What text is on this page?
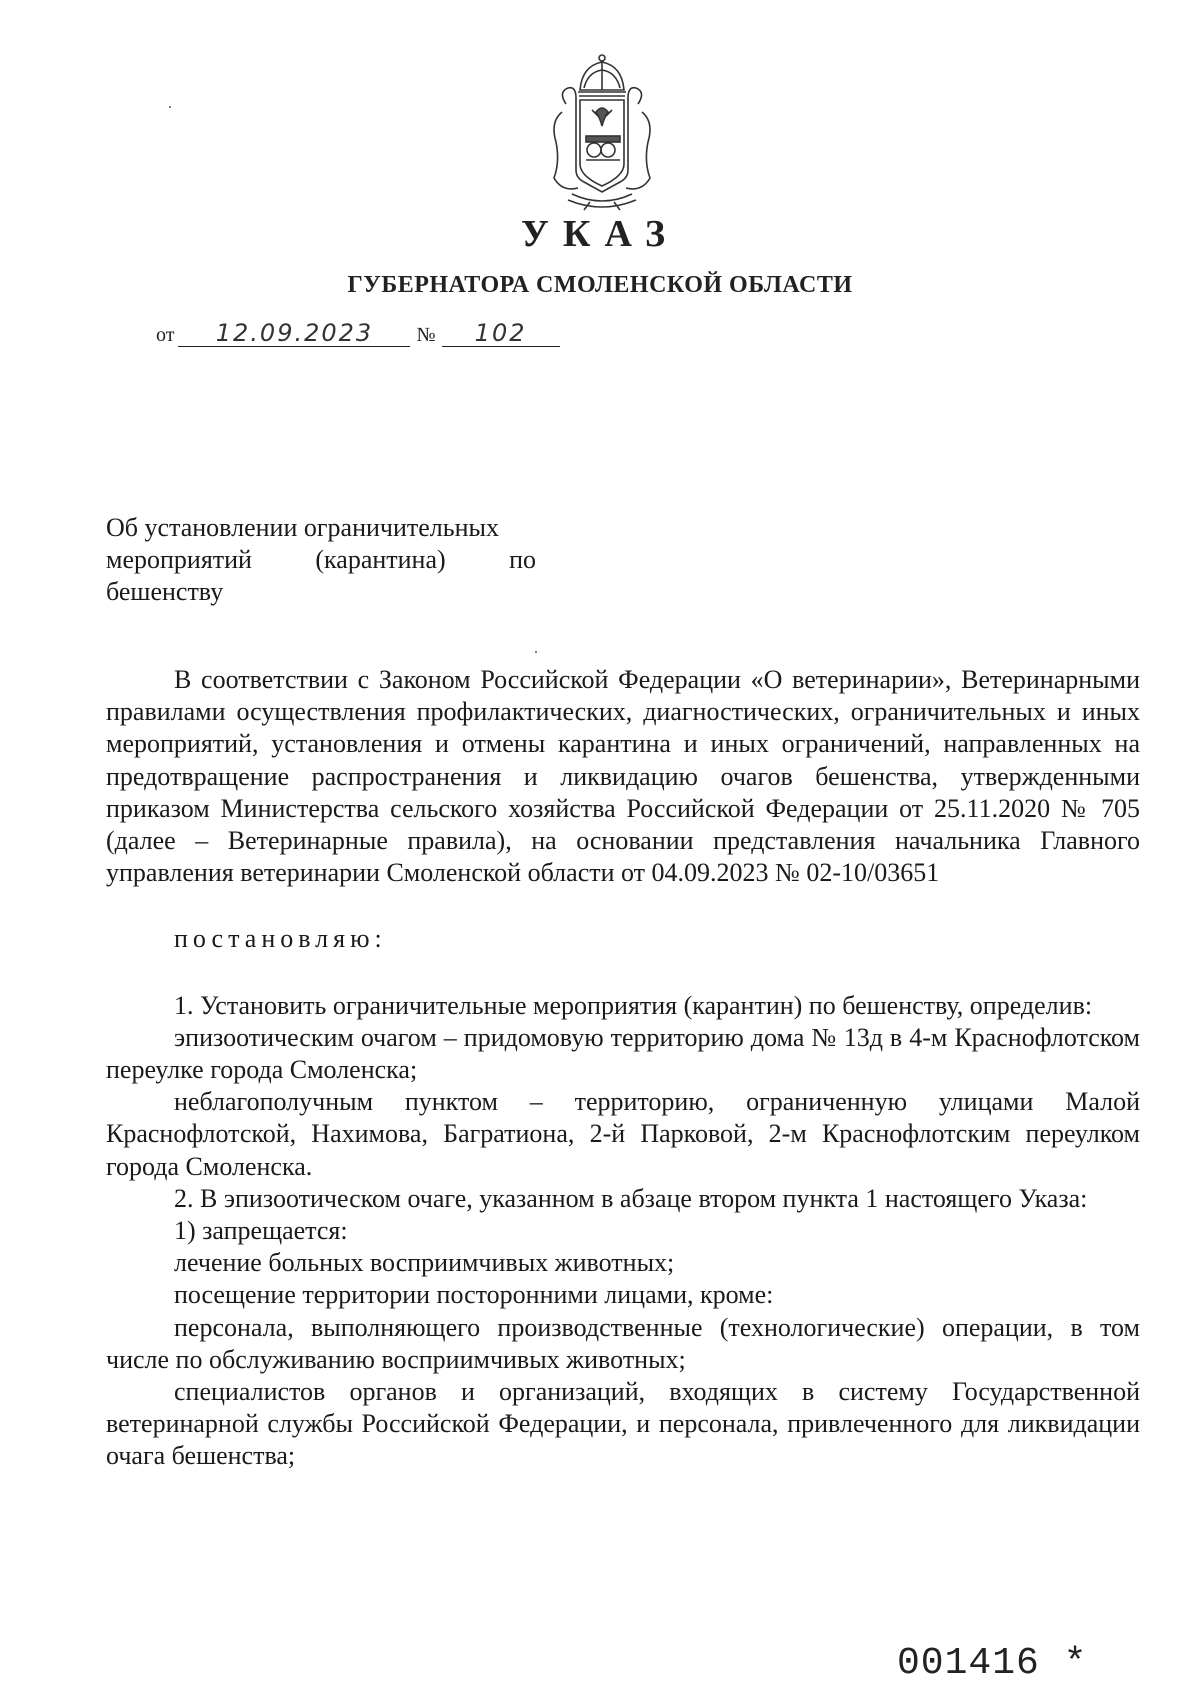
УКАЗ
ГУБЕРНАТОРА СМОЛЕНСКОЙ ОБЛАСТИ
от 12.09.2023 № 102
Об установлении ограничительных
мероприятий (карантина) по
бешенству

В соответствии с Законом Российской Федерации «О ветеринарии», Ветеринарными правилами осуществления профилактических, диагностических, ограничительных и иных мероприятий, установления и отмены карантина и иных ограничений, направленных на предотвращение распространения и ликвидацию очагов бешенства, утвержденными приказом Министерства сельского хозяйства Российской Федерации от 25.11.2020 № 705 (далее – Ветеринарные правила), на основании представления начальника Главного управления ветеринарии Смоленской области от 04.09.2023 № 02-10/03651

постановляю:

1. Установить ограничительные мероприятия (карантин) по бешенству, определив:

эпизоотическим очагом – придомовую территорию дома № 13д в 4-м Краснофлотском переулке города Смоленска;

неблагополучным пунктом – территорию, ограниченную улицами Малой Краснофлотской, Нахимова, Багратиона, 2-й Парковой, 2-м Краснофлотским переулком города Смоленска.

2. В эпизоотическом очаге, указанном в абзаце втором пункта 1 настоящего Указа:

1) запрещается:

лечение больных восприимчивых животных;

посещение территории посторонними лицами, кроме:

персонала, выполняющего производственные (технологические) операции, в том числе по обслуживанию восприимчивых животных;

специалистов органов и организаций, входящих в систему Государственной ветеринарной службы Российской Федерации, и персонала, привлеченного для ликвидации очага бешенства;

001416 *
